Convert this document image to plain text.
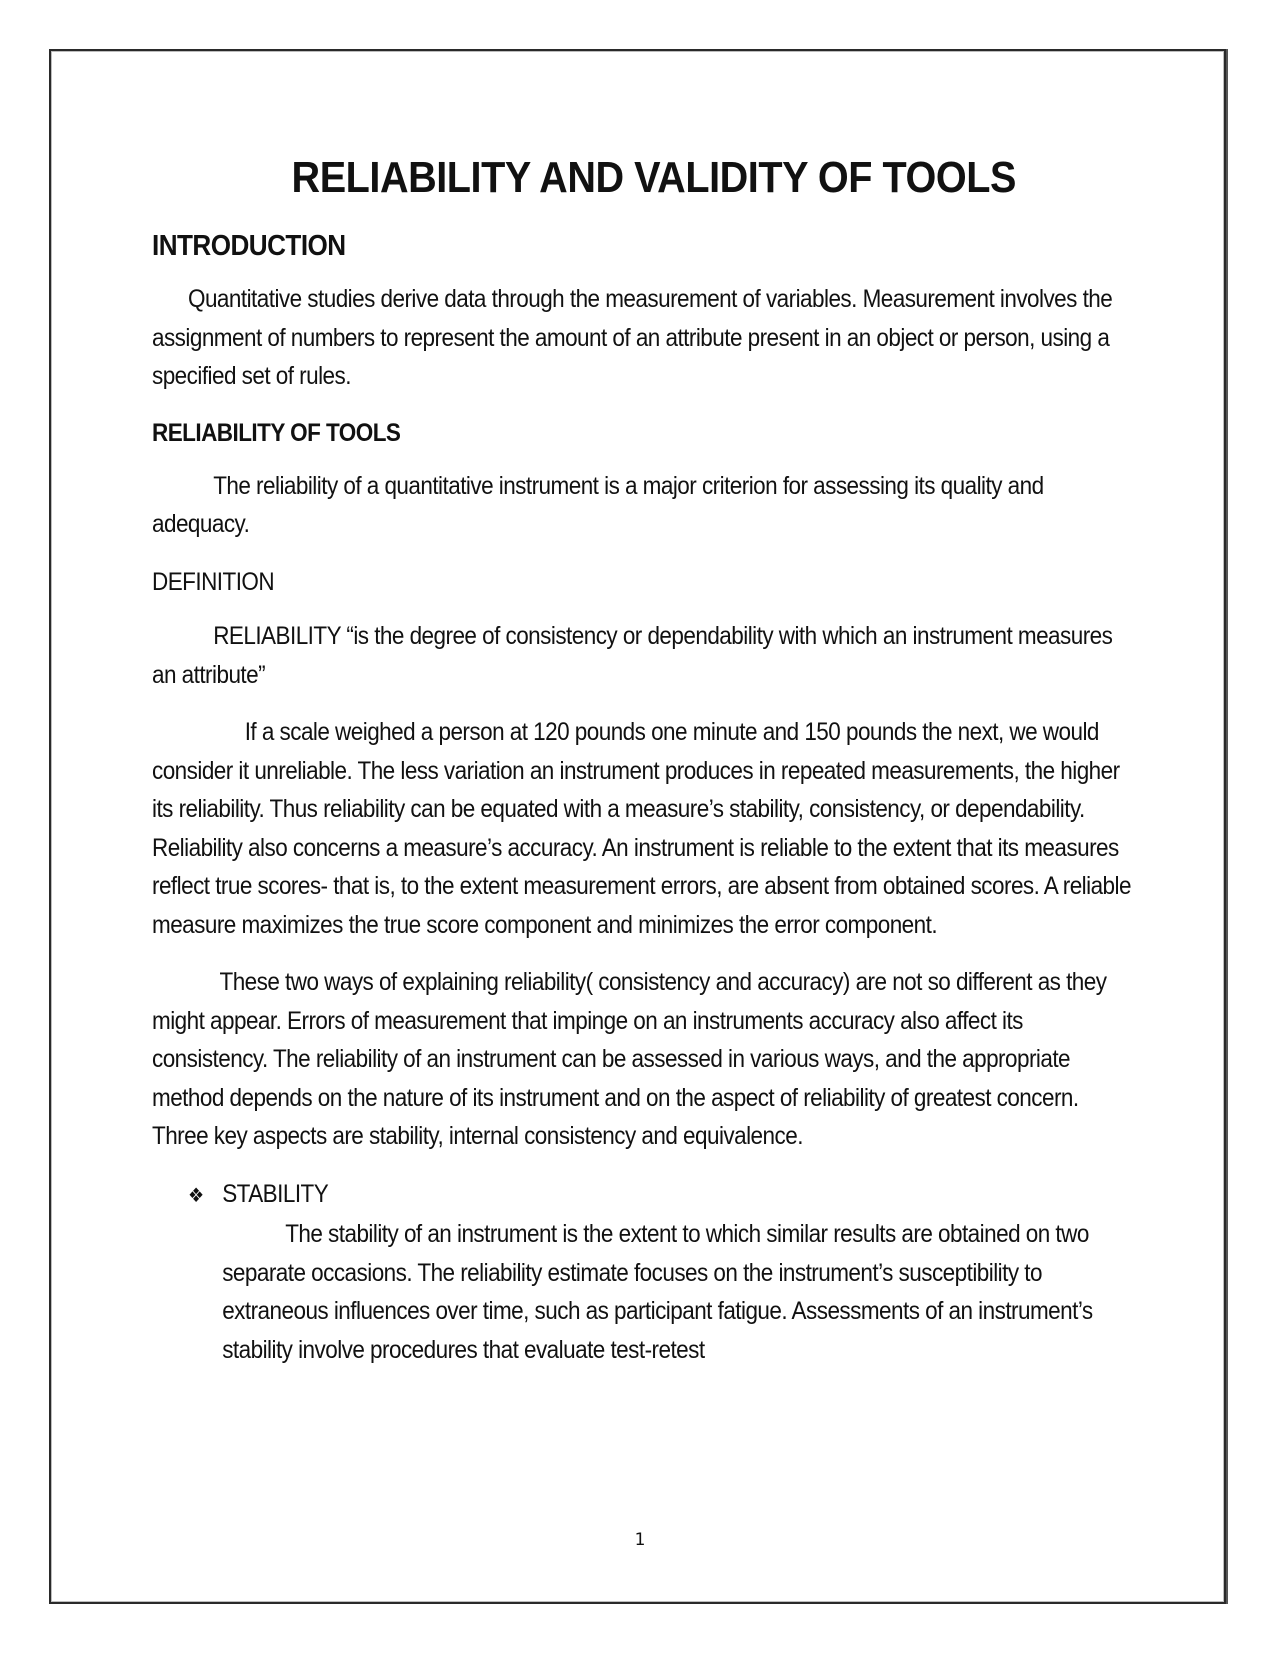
RELIABILITY AND VALIDITY OF TOOLS
INTRODUCTION

Quantitative studies derive data through the measurement of variables. Measurement involves the assignment of numbers to represent the amount of an attribute present in an object or person, using a specified set of rules.

RELIABILITY OF TOOLS

The reliability of a quantitative instrument is a major criterion for assessing its quality and adequacy.

DEFINITION

RELIABILITY “is the degree of consistency or dependability with which an instrument measures an attribute”

If a scale weighed a person at 120 pounds one minute and 150 pounds the next, we would consider it unreliable. The less variation an instrument produces in repeated measurements, the higher its reliability. Thus reliability can be equated with a measure’s stability, consistency, or dependability. Reliability also concerns a measure’s accuracy. An instrument is reliable to the extent that its measures reflect true scores- that is, to the extent measurement errors, are absent from obtained scores. A reliable measure maximizes the true score component and minimizes the error component.

These two ways of explaining reliability( consistency and accuracy) are not so different as they might appear. Errors of measurement that impinge on an instruments accuracy also affect its consistency. The reliability of an instrument can be assessed in various ways, and the appropriate method depends on the nature of its instrument and on the aspect of reliability of greatest concern. Three key aspects are stability, internal consistency and equivalence.

❖ STABILITY
The stability of an instrument is the extent to which similar results are obtained on two separate occasions. The reliability estimate focuses on the instrument’s susceptibility to extraneous influences over time, such as participant fatigue. Assessments of an instrument’s stability involve procedures that evaluate test-retest
1
